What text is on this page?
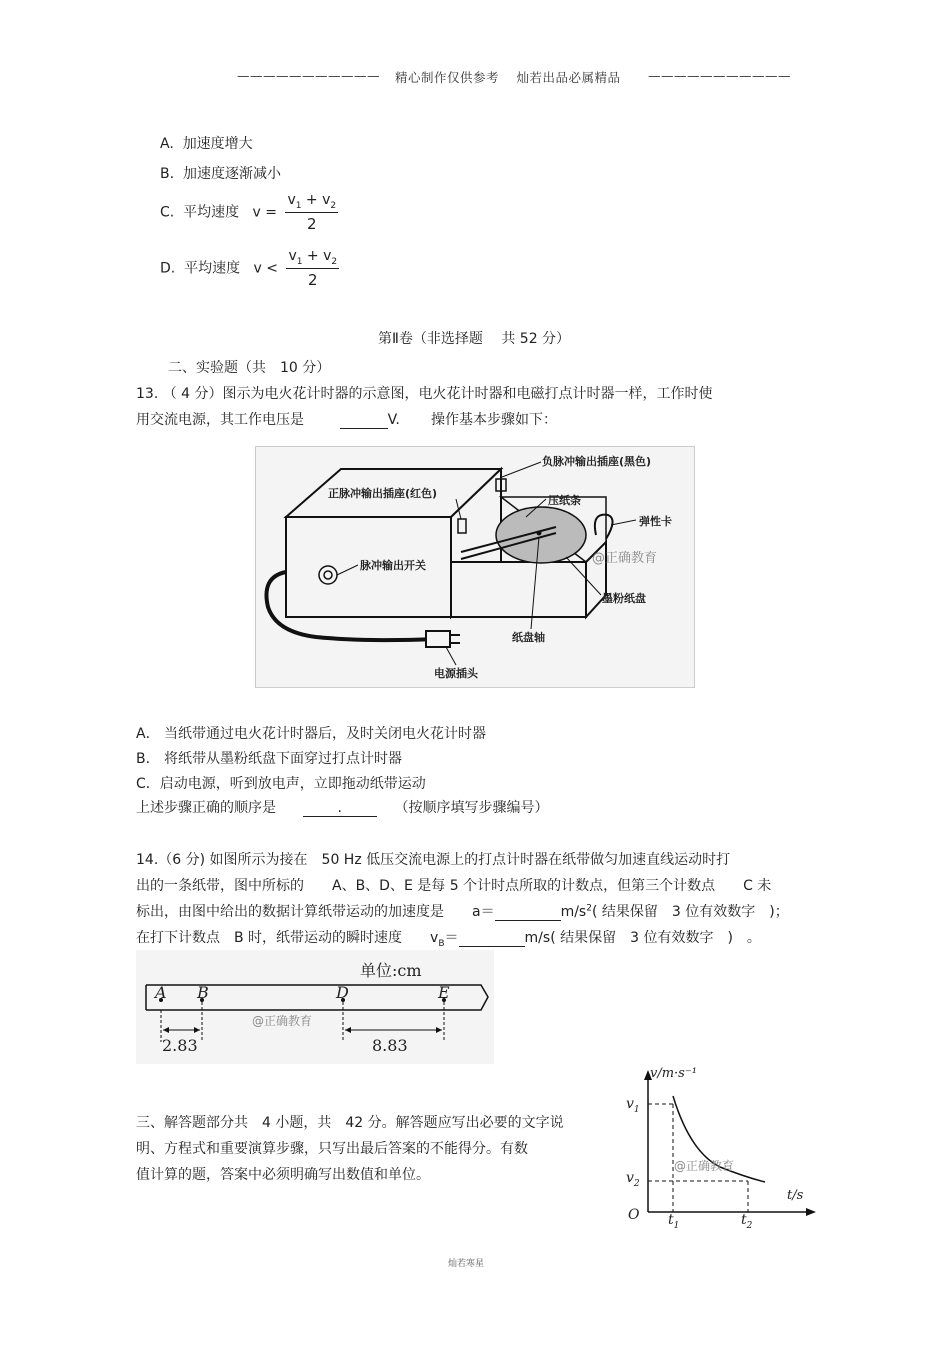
——————————— 精心制作仅供参考　 灿若出品必属精品 ———————————
A. 加速度增大
B. 加速度逐渐减小
C. 平均速度 $v = \frac{v_1 + v_2}{2}$
D. 平均速度 $v < \frac{v_1 + v_2}{2}$
第Ⅱ卷（非选择题　 共 52 分）
二、实验题（共　10 分）
13. （ 4 分）图示为电火花计时器的示意图，电火花计时器和电磁打点计时器一样，工作时使
用交流电源，其工作电压是	V. 操作基本步骤如下：
负脉冲输出插座(黑色)
正脉冲输出插座(红色)
压纸条
弹性卡
脉冲输出开关	@正确教育
墨粉纸盘
纸盘轴
电源插头
A． 当纸带通过电火花计时器后，及时关闭电火花计时器
B． 将纸带从墨粉纸盘下面穿过打点计时器
C．启动电源，听到放电声，立即拖动纸带运动
上述步骤正确的顺序是	.	（按顺序填写步骤编号）
14.（6 分) 如图所示为接在　50 Hz 低压交流电源上的打点计时器在纸带做匀加速直线运动时打
出的一条纸带，图中所标的　　A、B、D、E 是每 5 个计时点所取的计数点，但第三个计数点　　C 未
标出，由图中给出的数据计算纸带运动的加速度是　　a＝	$m/s^2$( 结果保留　3 位有效数字　)；
在打下计数点　B 时，纸带运动的瞬时速度　　$v_B=$	m/s( 结果保留　3 位有效数字　)　。
单位:cm
A B	D	E
@正确教育
2.83	8.83
三、解答题部分共　4 小题，共　42 分。解答题应写出必要的文字说
明、方程式和重要演算步骤，只写出最后答案的不能得分。有数
值计算的题，答案中必须明确写出数值和单位。
v/m·s⁻¹
t/s
O
$v_1$
$v_2$
$t_1$	$t_2$
@正确教育
灿若寒星
